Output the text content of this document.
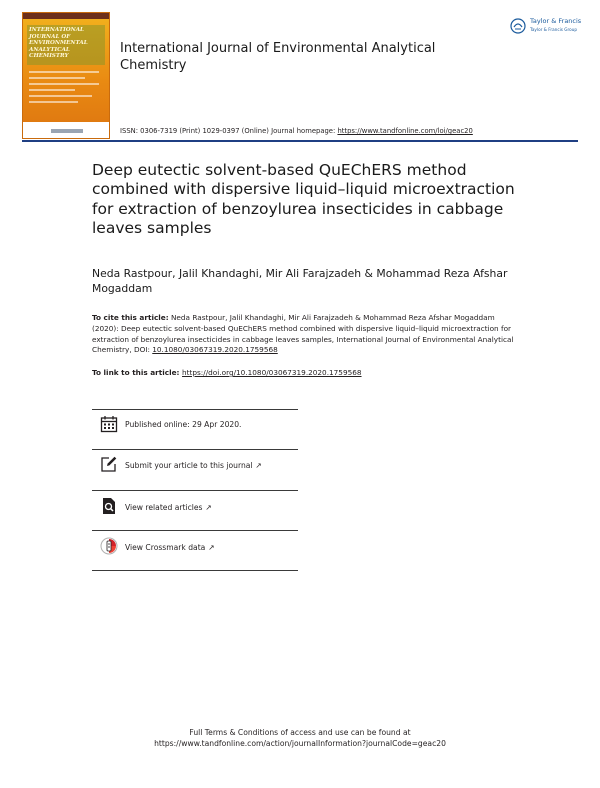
INTERNATIONAL JOURNAL OF ENVIRONMENTAL ANALYTICAL CHEMISTRY
International Journal of Environmental Analytical Chemistry
Taylor & Francis
Taylor & Francis Group
ISSN: 0306-7319 (Print) 1029-0397 (Online) Journal homepage: https://www.tandfonline.com/loi/geac20
Deep eutectic solvent-based QuEChERS method combined with dispersive liquid–liquid microextraction for extraction of benzoylurea insecticides in cabbage leaves samples
Neda Rastpour, Jalil Khandaghi, Mir Ali Farajzadeh & Mohammad Reza Afshar Mogaddam
To cite this article: Neda Rastpour, Jalil Khandaghi, Mir Ali Farajzadeh & Mohammad Reza Afshar Mogaddam (2020): Deep eutectic solvent-based QuEChERS method combined with dispersive liquid–liquid microextraction for extraction of benzoylurea insecticides in cabbage leaves samples, International Journal of Environmental Analytical Chemistry, DOI: 10.1080/03067319.2020.1759568
To link to this article: https://doi.org/10.1080/03067319.2020.1759568
Published online: 29 Apr 2020.
Submit your article to this journal ↗
View related articles ↗
View Crossmark data ↗
Full Terms & Conditions of access and use can be found at
https://www.tandfonline.com/action/journalInformation?journalCode=geac20
